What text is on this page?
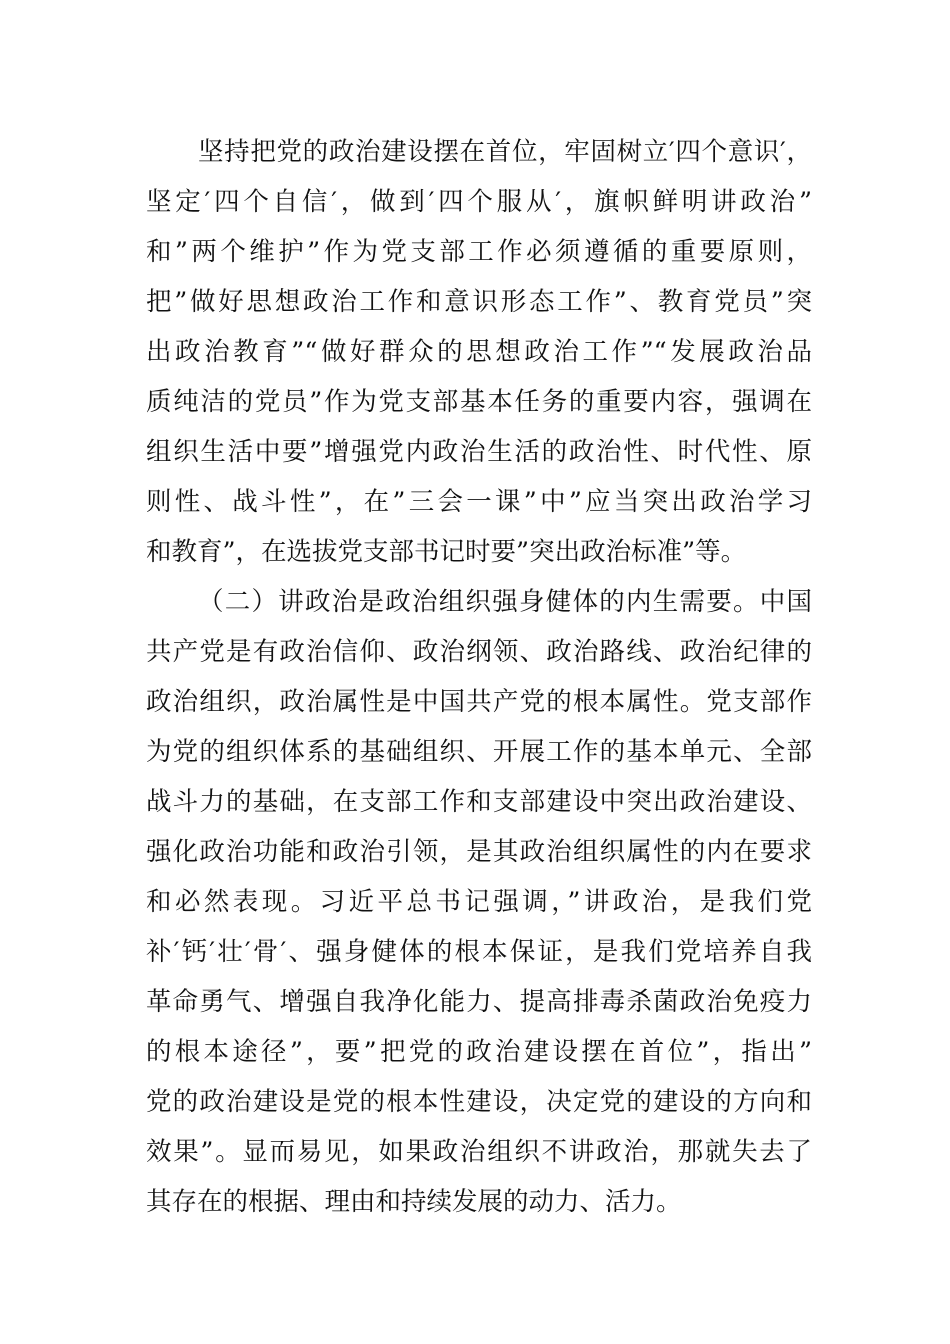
坚持把党的政治建设摆在首位，牢固树立′四个意识′，
坚定′四个自信′，做到′四个服从′，旗帜鲜明讲政治”
和”两个维护”作为党支部工作必须遵循的重要原则，
把”做好思想政治工作和意识形态工作”、教育党员”突
出政治教育”“做好群众的思想政治工作”“发展政治品
质纯洁的党员”作为党支部基本任务的重要内容，强调在
组织生活中要”增强党内政治生活的政治性、时代性、原
则性、战斗性”，在”三会一课”中”应当突出政治学习
和教育”，在选拔党支部书记时要”突出政治标准”等。
（二）讲政治是政治组织强身健体的内生需要。中国
共产党是有政治信仰、政治纲领、政治路线、政治纪律的
政治组织，政治属性是中国共产党的根本属性。党支部作
为党的组织体系的基础组织、开展工作的基本单元、全部
战斗力的基础，在支部工作和支部建设中突出政治建设、
强化政治功能和政治引领，是其政治组织属性的内在要求
和必然表现。习近平总书记强调，”讲政治，是我们党
补′钙′壮′骨′、强身健体的根本保证，是我们党培养自我
革命勇气、增强自我净化能力、提高排毒杀菌政治免疫力
的根本途径”，要”把党的政治建设摆在首位”，指出”
党的政治建设是党的根本性建设，决定党的建设的方向和
效果”。显而易见，如果政治组织不讲政治，那就失去了
其存在的根据、理由和持续发展的动力、活力。
